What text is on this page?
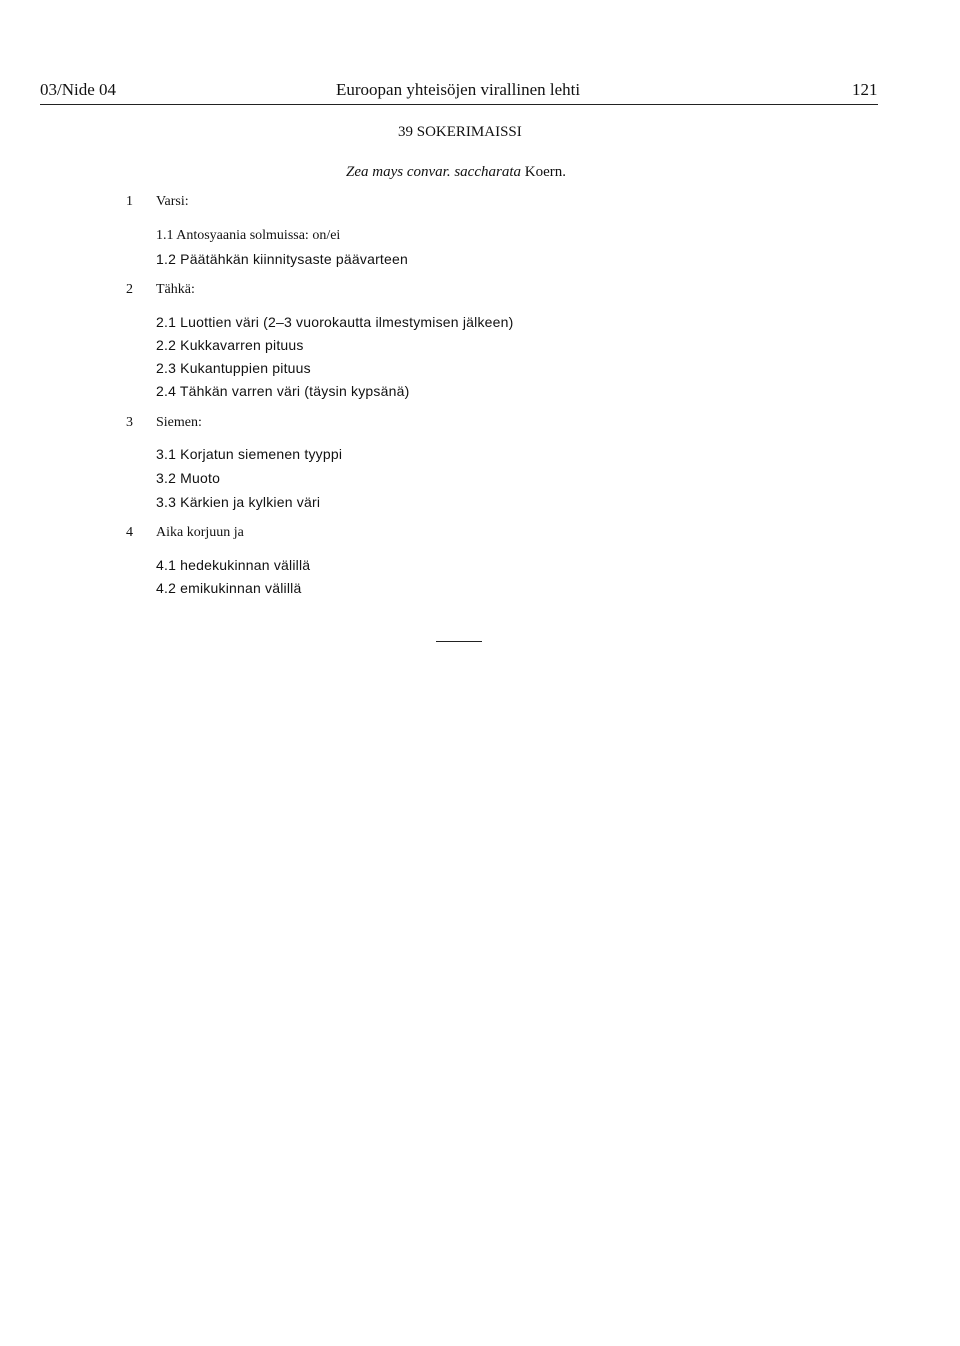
03/Nide 04	Euroopan yhteisöjen virallinen lehti	121
39 SOKERIMAISSI
Zea mays convar. saccharata Koern.
1 Varsi:
1.1 Antosyaania solmuissa: on/ei
1.2 Päätähkän kiinnitysaste päävarteen
2 Tähkä:
2.1 Luottien väri (2–3 vuorokautta ilmestymisen jälkeen)
2.2 Kukkavarren pituus
2.3 Kukantuppien pituus
2.4 Tähkän varren väri (täysin kypsänä)
3 Siemen:
3.1 Korjatun siemenen tyyppi
3.2 Muoto
3.3 Kärkien ja kylkien väri
4 Aika korjuun ja
4.1 hedekukinnan välillä
4.2 emikukinnan välillä
